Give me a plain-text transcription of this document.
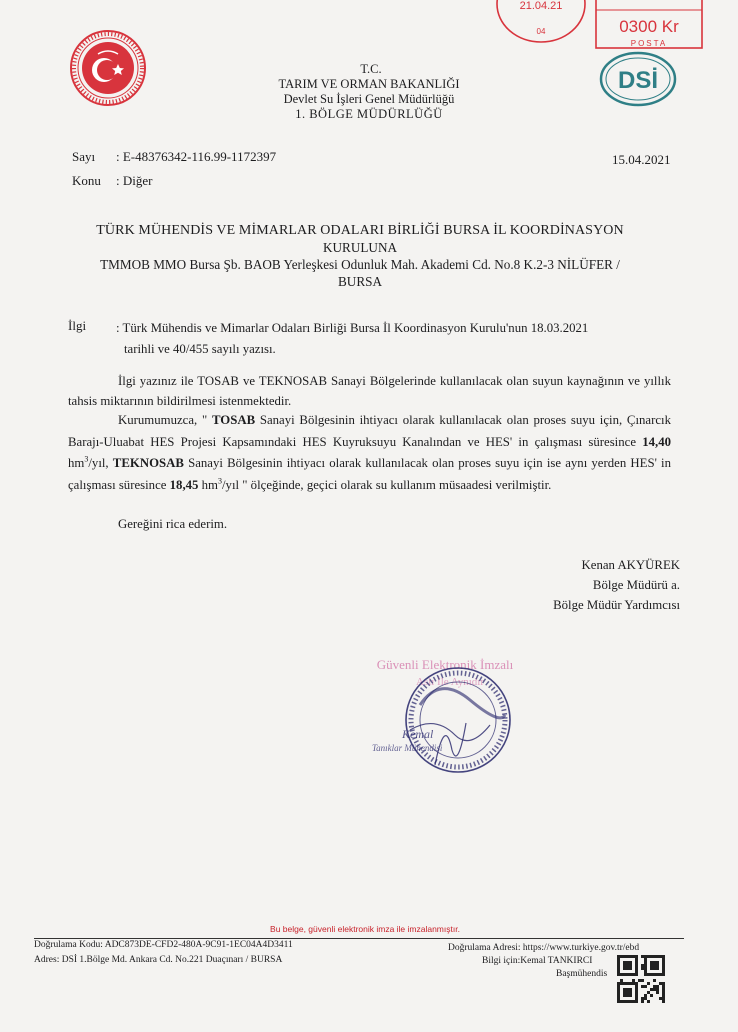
21.04.21
04	0300 Kr
POSTA
DSİ
T.C.
TARIM VE ORMAN BAKANLIĞI
Devlet Su İşleri Genel Müdürlüğü
1. BÖLGE MÜDÜRLÜĞÜ
Sayı : E-48376342-116.99-1172397
Konu : Diğer
15.04.2021
TÜRK MÜHENDİS VE MİMARLAR ODALARI BİRLİĞİ BURSA İL KOORDİNASYON
KURULUNA
TMMOB MMO Bursa Şb. BAOB Yerleşkesi Odunluk Mah. Akademi Cd. No.8 K.2-3 NİLÜFER /
BURSA
İlgi : Türk Mühendis ve Mimarlar Odaları Birliği Bursa İl Koordinasyon Kurulu'nun 18.03.2021
tarihli ve 40/455 sayılı yazısı.
İlgi yazınız ile TOSAB ve TEKNOSAB Sanayi Bölgelerinde kullanılacak olan suyun kaynağının ve yıllık tahsis miktarının bildirilmesi istenmektedir.
Kurumumuzca, " TOSAB Sanayi Bölgesinin ihtiyacı olarak kullanılacak olan proses suyu için, Çınarcık Barajı-Uluabat HES Projesi Kapsamındaki HES Kuyruksuyu Kanalından ve HES' in çalışması süresince 14,40 $hm^3$/yıl, TEKNOSAB Sanayi Bölgesinin ihtiyacı olarak kullanılacak olan proses suyu için ise aynı yerden HES' in çalışması süresince 18,45 $hm^3$/yıl " ölçeğinde, geçici olarak su kullanım müsaadesi verilmiştir.
Gereğini rica ederim.
Kenan AKYÜREK
Bölge Müdürü a.
Bölge Müdür Yardımcısı
Güvenli Elektronik İmzalı
Aslı İle Aynıdır
Kemal
Tanıklar Mühendisi
Bu belge, güvenli elektronik imza ile imzalanmıştır.
Doğrulama Kodu: ADC873DE-CFD2-480A-9C91-1EC04A4D3411	Doğrulama Adresi: https://www.turkiye.gov.tr/ebd
Adres: DSİ 1.Bölge Md. Ankara Cd. No.221 Duaçınarı / BURSA	Bilgi için:Kemal TANKIRCI
Başmühendis
